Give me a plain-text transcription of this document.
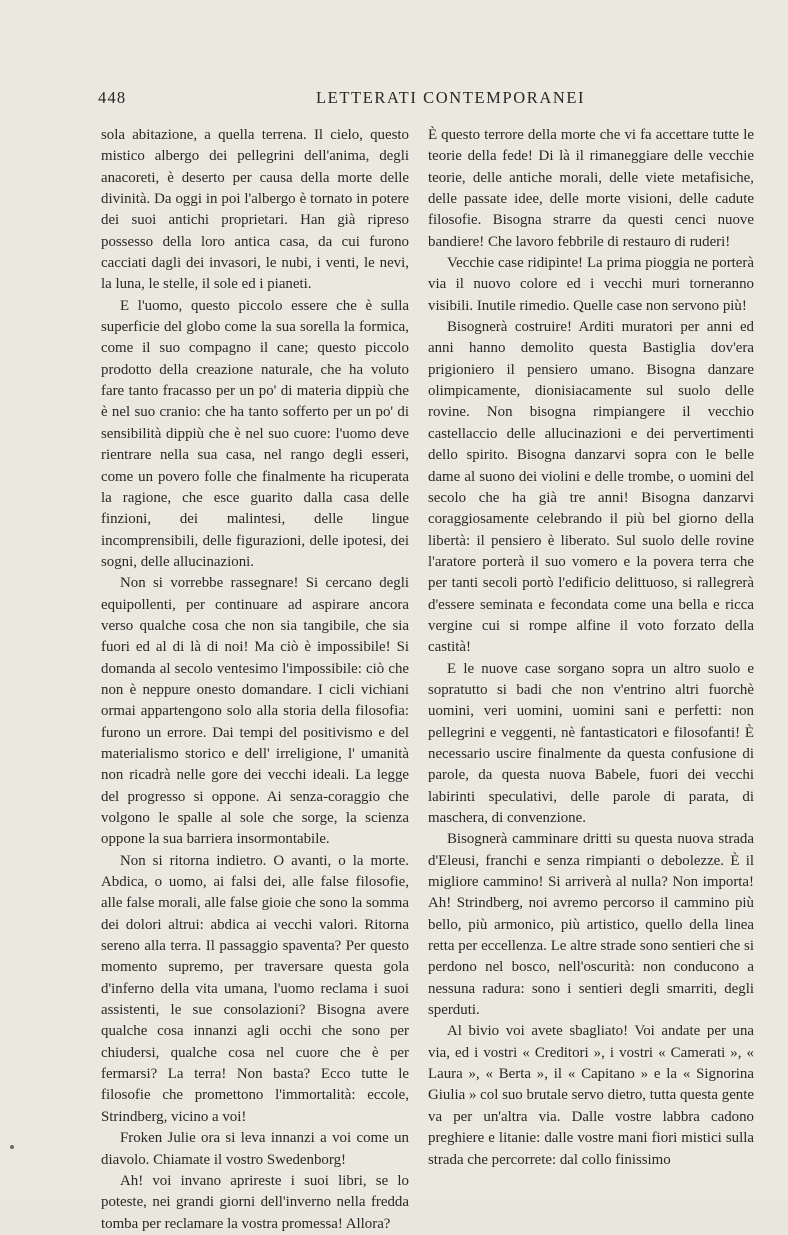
448	LETTERATI CONTEMPORANEI

sola abitazione, a quella terrena. Il cielo, questo mistico albergo dei pellegrini dell'anima, degli anacoreti, è deserto per causa della morte delle divinità. Da oggi in poi l'albergo è tornato in potere dei suoi antichi proprietari. Han già ripreso possesso della loro antica casa, da cui furono cacciati dagli dei invasori, le nubi, i venti, le nevi, la luna, le stelle, il sole ed i pianeti.

E l'uomo, questo piccolo essere che è sulla superficie del globo come la sua sorella la formica, come il suo compagno il cane; questo piccolo prodotto della creazione naturale, che ha voluto fare tanto fracasso per un po' di materia dippiù che è nel suo cranio: che ha tanto sofferto per un po' di sensibilità dippiù che è nel suo cuore: l'uomo deve rientrare nella sua casa, nel rango degli esseri, come un povero folle che finalmente ha ricuperata la ragione, che esce guarito dalla casa delle finzioni, dei malintesi, delle lingue incomprensibili, delle figurazioni, delle ipotesi, dei sogni, delle allucinazioni.

Non si vorrebbe rassegnare! Si cercano degli equipollenti, per continuare ad aspirare ancora verso qualche cosa che non sia tangibile, che sia fuori ed al di là di noi! Ma ciò è impossibile! Si domanda al secolo ventesimo l'impossibile: ciò che non è neppure onesto domandare. I cicli vichiani ormai appartengono solo alla storia della filosofia: furono un errore. Dai tempi del positivismo e del materialismo storico e dell' irreligione, l' umanità non ricadrà nelle gore dei vecchi ideali. La legge del progresso si oppone. Ai senza-coraggio che volgono le spalle al sole che sorge, la scienza oppone la sua barriera insormontabile.

Non si ritorna indietro. O avanti, o la morte. Abdica, o uomo, ai falsi dei, alle false filosofie, alle false morali, alle false gioie che sono la somma dei dolori altrui: abdica ai vecchi valori. Ritorna sereno alla terra. Il passaggio spaventa? Per questo momento supremo, per traversare questa gola d'inferno della vita umana, l'uomo reclama i suoi assistenti, le sue consolazioni? Bisogna avere qualche cosa innanzi agli occhi che sono per chiudersi, qualche cosa nel cuore che è per fermarsi? La terra! Non basta? Ecco tutte le filosofie che promettono l'immortalità: eccole, Strindberg, vicino a voi!

Froken Julie ora si leva innanzi a voi come un diavolo. Chiamate il vostro Swedenborg!

Ah! voi invano aprireste i suoi libri, se lo poteste, nei grandi giorni dell'inverno nella fredda tomba per reclamare la vostra promessa! Allora?

È questo terrore della morte che vi fa accettare tutte le teorie della fede! Di là il rimaneggiare delle vecchie teorie, delle antiche morali, delle viete metafisiche, delle passate idee, delle morte visioni, delle cadute filosofie. Bisogna strarre da questi cenci nuove bandiere! Che lavoro febbrile di restauro di ruderi!

Vecchie case ridipinte! La prima pioggia ne porterà via il nuovo colore ed i vecchi muri torneranno visibili. Inutile rimedio. Quelle case non servono più!

Bisognerà costruire! Arditi muratori per anni ed anni hanno demolito questa Bastiglia dov'era prigioniero il pensiero umano. Bisogna danzare olimpicamente, dionisiacamente sul suolo delle rovine. Non bisogna rimpiangere il vecchio castellaccio delle allucinazioni e dei pervertimenti dello spirito. Bisogna danzarvi sopra con le belle dame al suono dei violini e delle trombe, o uomini del secolo che ha già tre anni! Bisogna danzarvi coraggiosamente celebrando il più bel giorno della libertà: il pensiero è liberato. Sul suolo delle rovine l'aratore porterà il suo vomero e la povera terra che per tanti secoli portò l'edificio delittuoso, si rallegrerà d'essere seminata e fecondata come una bella e ricca vergine cui si rompe alfine il voto forzato della castità!

E le nuove case sorgano sopra un altro suolo e sopratutto si badi che non v'entrino altri fuorchè uomini, veri uomini, uomini sani e perfetti: non pellegrini e veggenti, nè fantasticatori e filosofanti! È necessario uscire finalmente da questa confusione di parole, da questa nuova Babele, fuori dei vecchi labirinti speculativi, delle parole di parata, di maschera, di convenzione.

Bisognerà camminare dritti su questa nuova strada d'Eleusi, franchi e senza rimpianti o debolezze. È il migliore cammino! Si arriverà al nulla? Non importa! Ah! Strindberg, noi avremo percorso il cammino più bello, più armonico, più artistico, quello della linea retta per eccellenza. Le altre strade sono sentieri che si perdono nel bosco, nell'oscurità: non conducono a nessuna radura: sono i sentieri degli smarriti, degli sperduti.

Al bivio voi avete sbagliato! Voi andate per una via, ed i vostri « Creditori », i vostri « Camerati », « Laura », « Berta », il « Capitano » e la « Signorina Giulia » col suo brutale servo dietro, tutta questa gente va per un'altra via. Dalle vostre labbra cadono preghiere e litanie: dalle vostre mani fiori mistici sulla strada che percorrete: dal collo finissimo
